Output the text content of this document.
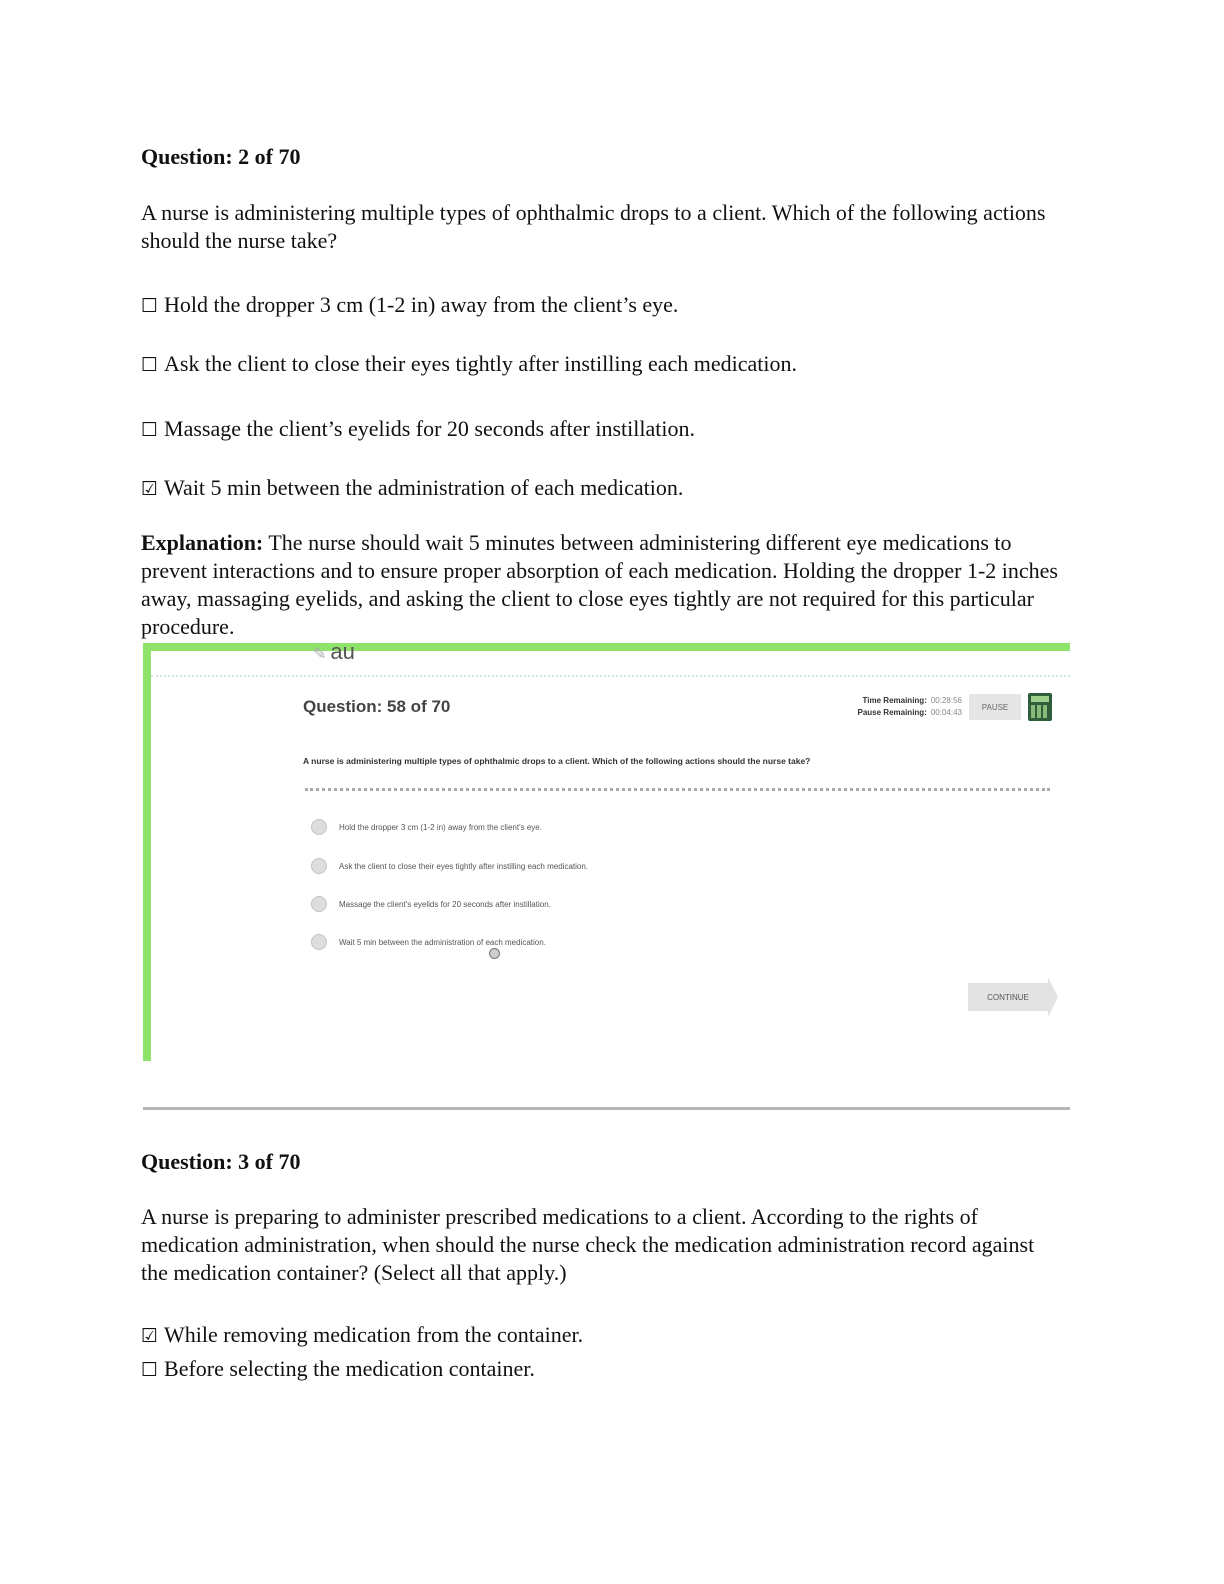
Question: 2 of 70
A nurse is administering multiple types of ophthalmic drops to a client. Which of the following actions should the nurse take?
☐ Hold the dropper 3 cm (1-2 in) away from the client’s eye.
☐ Ask the client to close their eyes tightly after instilling each medication.
☐ Massage the client’s eyelids for 20 seconds after instillation.
☑ Wait 5 min between the administration of each medication.
Explanation: The nurse should wait 5 minutes between administering different eye medications to prevent interactions and to ensure proper absorption of each medication. Holding the dropper 1-2 inches away, massaging eyelids, and asking the client to close eyes tightly are not required for this particular procedure.
✎ au
Question: 58 of 70	Time Remaining: 00:28:56
Pause Remaining: 00:04:43
PAUSE
A nurse is administering multiple types of ophthalmic drops to a client. Which of the following actions should the nurse take?
Hold the dropper 3 cm (1-2 in) away from the client's eye.
Ask the client to close their eyes tightly after instilling each medication.
Massage the client's eyelids for 20 seconds after instillation.
Wait 5 min between the administration of each medication.
CONTINUE
Question: 3 of 70
A nurse is preparing to administer prescribed medications to a client. According to the rights of medication administration, when should the nurse check the medication administration record against the medication container? (Select all that apply.)
☑ While removing medication from the container.
☐ Before selecting the medication container.
